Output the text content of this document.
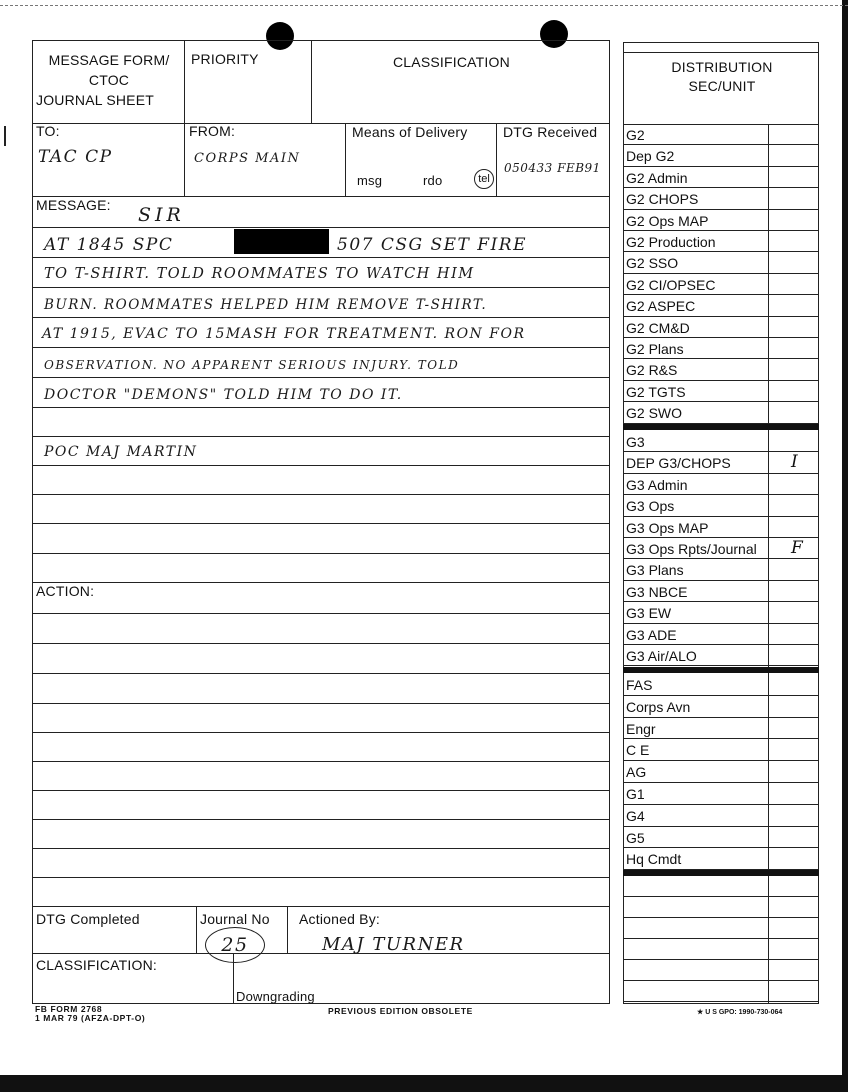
MESSAGE FORM/
CTOC
JOURNAL SHEET
PRIORITY	CLASSIFICATION
TO:
TAC CP
FROM:
CORPS MAIN
Means of Delivery
msg	rdo	tel
DTG Received
050433 FEB91
MESSAGE: SIR
AT 1845 SPC	507 CSG SET FIRE
TO T-SHIRT. TOLD ROOMMATES TO WATCH HIM
BURN. ROOMMATES HELPED HIM REMOVE T-SHIRT.
AT 1915, EVAC TO 15MASH FOR TREATMENT. RON FOR
OBSERVATION. NO APPARENT SERIOUS INJURY. TOLD
DOCTOR "DEMONS" TOLD HIM TO DO IT.
POC MAJ MARTIN
ACTION:
DTG Completed	Journal No
25
Actioned By:
MAJ TURNER
CLASSIFICATION:
Downgrading
FB FORM 2768
1 MAR 79 (AFZA-DPT-O)
PREVIOUS EDITION OBSOLETE
DISTRIBUTION
SEC/UNIT
G2
Dep G2
G2 Admin
G2 CHOPS
G2 Ops MAP
G2 Production
G2 SSO
G2 CI/OPSEC
G2 ASPEC
G2 CM&D
G2 Plans
G2 R&S
G2 TGTS
G2 SWO
G3
DEP G3/CHOPS	I
G3 Admin
G3 Ops
G3 Ops MAP
G3 Ops Rpts/Journal F
G3 Plans
G3 NBCE
G3 EW
G3 ADE
G3 Air/ALO
FAS
Corps Avn
Engr
C E
AG
G1
G4
G5
Hq Cmdt
★ U S GPO: 1990-730-064
